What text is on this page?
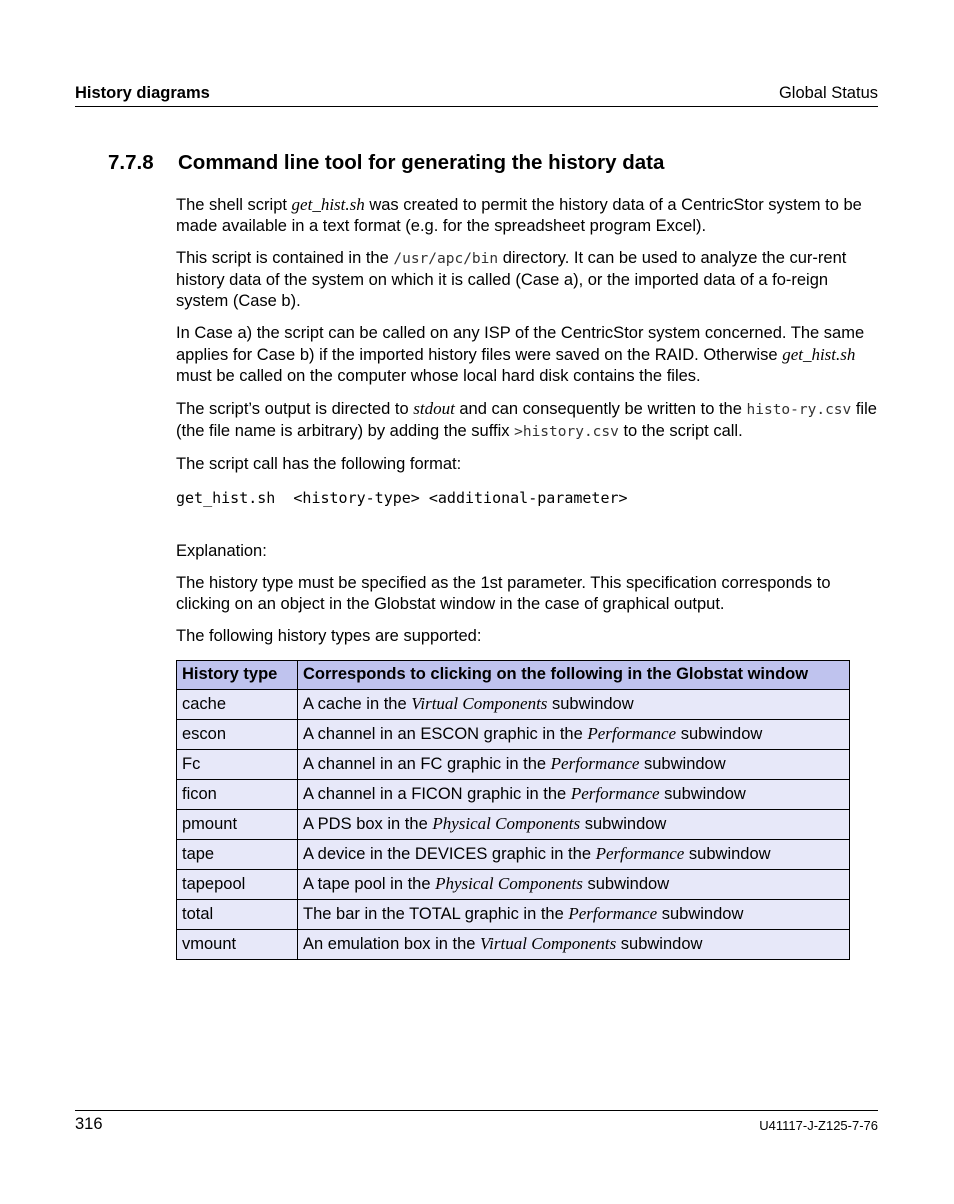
History diagrams	Global Status
7.7.8 Command line tool for generating the history data

The shell script get_hist.sh was created to permit the history data of a CentricStor system to be made available in a text format (e.g. for the spreadsheet program Excel).

This script is contained in the /usr/apc/bin directory. It can be used to analyze the cur-rent history data of the system on which it is called (Case a), or the imported data of a fo-reign system (Case b).

In Case a) the script can be called on any ISP of the CentricStor system concerned. The same applies for Case b) if the imported history files were saved on the RAID. Otherwise get_hist.sh must be called on the computer whose local hard disk contains the files.

The script’s output is directed to stdout and can consequently be written to the histo-ry.csv file (the file name is arbitrary) by adding the suffix >history.csv to the script call.

The script call has the following format:

get_hist.sh  <history-type> <additional-parameter>

Explanation:

The history type must be specified as the 1st parameter. This specification corresponds to clicking on an object in the Globstat window in the case of graphical output.

The following history types are supported:

History type	Corresponds to clicking on the following in the Globstat window
cache	A cache in the Virtual Components subwindow
escon	A channel in an ESCON graphic in the Performance subwindow
Fc	A channel in an FC graphic in the Performance subwindow
ficon	A channel in a FICON graphic in the Performance subwindow
pmount	A PDS box in the Physical Components subwindow
tape	A device in the DEVICES graphic in the Performance subwindow
tapepool	A tape pool in the Physical Components subwindow
total	The bar in the TOTAL graphic in the Performance subwindow
vmount	An emulation box in the Virtual Components subwindow
316	U41117-J-Z125-7-76
